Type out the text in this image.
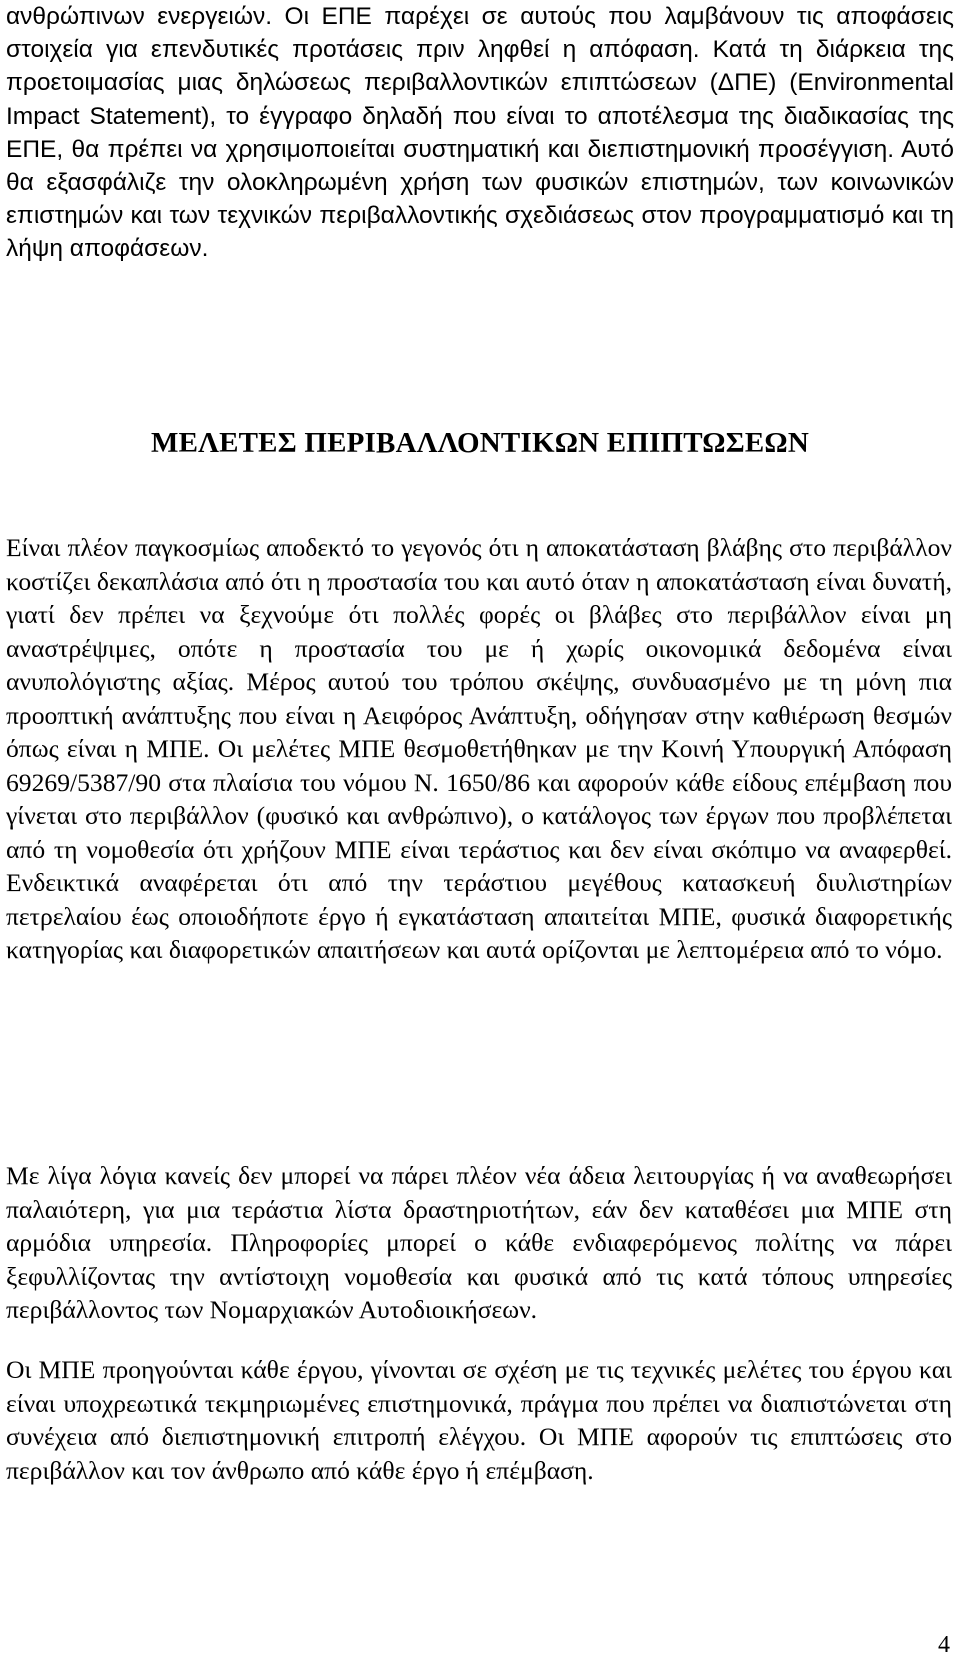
ανθρώπινων ενεργειών. Οι ΕΠΕ παρέχει σε αυτούς που λαμβάνουν τις αποφάσεις στοιχεία για επενδυτικές προτάσεις πριν ληφθεί η απόφαση. Κατά τη διάρκεια της προετοιμασίας μιας δηλώσεως περιβαλλοντικών επιπτώσεων (ΔΠΕ) (Environmental Impact Statement), το έγγραφο δηλαδή που είναι το αποτέλεσμα της διαδικασίας της ΕΠΕ, θα πρέπει να χρησιμοποιείται συστηματική και διεπιστημονική προσέγγιση. Αυτό θα εξασφάλιζε την ολοκληρωμένη χρήση των φυσικών επιστημών, των κοινωνικών επιστημών και των τεχνικών περιβαλλοντικής σχεδιάσεως στον προγραμματισμό και τη λήψη αποφάσεων.

ΜΕΛΕΤΕΣ ΠΕΡΙΒΑΛΛΟΝΤΙΚΩΝ ΕΠΙΠΤΩΣΕΩΝ

Είναι πλέον παγκοσμίως αποδεκτό το γεγονός ότι η αποκατάσταση βλάβης στο περιβάλλον κοστίζει δεκαπλάσια από ότι η προστασία του και αυτό όταν η αποκατάσταση είναι δυνατή, γιατί δεν πρέπει να ξεχνούμε ότι πολλές φορές οι βλάβες στο περιβάλλον είναι μη αναστρέψιμες, οπότε η προστασία του με ή χωρίς οικονομικά δεδομένα είναι ανυπολόγιστης αξίας. Μέρος αυτού του τρόπου σκέψης, συνδυασμένο με τη μόνη πια προοπτική ανάπτυξης που είναι η Αειφόρος Ανάπτυξη, οδήγησαν στην καθιέρωση θεσμών όπως είναι η ΜΠΕ. Οι μελέτες ΜΠΕ θεσμοθετήθηκαν με την Κοινή Υπουργική Απόφαση 69269/5387/90 στα πλαίσια του νόμου Ν. 1650/86 και αφορούν κάθε είδους επέμβαση που γίνεται στο περιβάλλον (φυσικό και ανθρώπινο), ο κατάλογος των έργων που προβλέπεται από τη νομοθεσία ότι χρήζουν ΜΠΕ είναι τεράστιος και δεν είναι σκόπιμο να αναφερθεί. Ενδεικτικά αναφέρεται ότι από την τεράστιου μεγέθους κατασκευή διυλιστηρίων πετρελαίου έως οποιοδήποτε έργο ή εγκατάσταση απαιτείται ΜΠΕ, φυσικά διαφορετικής κατηγορίας και διαφορετικών απαιτήσεων και αυτά ορίζονται με λεπτομέρεια από το νόμο.

Με λίγα λόγια κανείς δεν μπορεί να πάρει πλέον νέα άδεια λειτουργίας ή να αναθεωρήσει παλαιότερη, για μια τεράστια λίστα δραστηριοτήτων, εάν δεν καταθέσει μια ΜΠΕ στη αρμόδια υπηρεσία. Πληροφορίες μπορεί ο κάθε ενδιαφερόμενος πολίτης να πάρει ξεφυλλίζοντας την αντίστοιχη νομοθεσία και φυσικά από τις κατά τόπους υπηρεσίες περιβάλλοντος των Νομαρχιακών Αυτοδιοικήσεων.

Οι ΜΠΕ προηγούνται κάθε έργου, γίνονται σε σχέση με τις τεχνικές μελέτες του έργου και είναι υποχρεωτικά τεκμηριωμένες επιστημονικά, πράγμα που πρέπει να διαπιστώνεται στη συνέχεια από διεπιστημονική επιτροπή ελέγχου. Οι ΜΠΕ αφορούν τις επιπτώσεις στο περιβάλλον και τον άνθρωπο από κάθε έργο ή επέμβαση.

4
